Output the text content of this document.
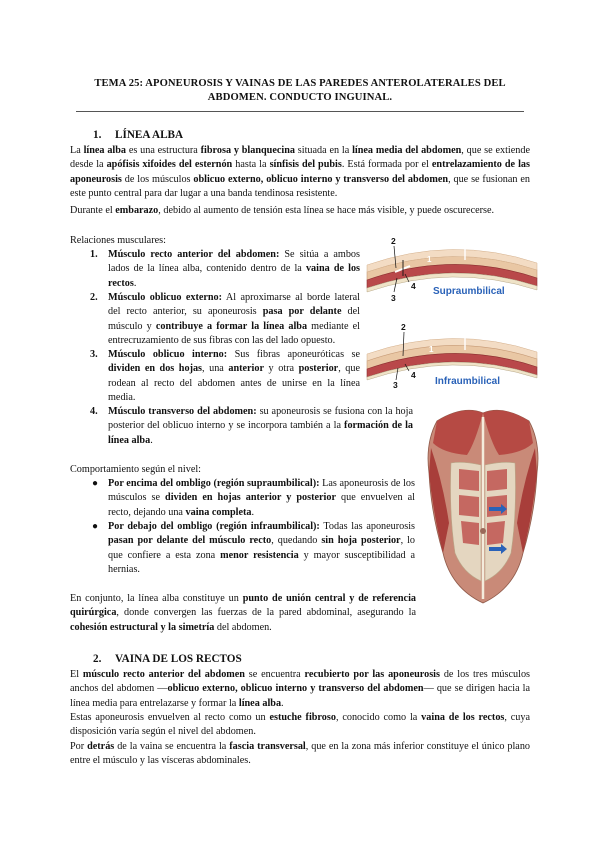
TEMA 25: APONEUROSIS Y VAINAS DE LAS PAREDES ANTEROLATERALES DEL
ABDOMEN. CONDUCTO INGUINAL.
1. LÍNEA ALBA
La línea alba es una estructura fibrosa y blanquecina situada en la línea media del abdomen, que se extiende desde la apófisis xifoides del esternón hasta la sínfisis del pubis. Está formada por el entrelazamiento de las aponeurosis de los músculos oblicuo externo, oblicuo interno y transverso del abdomen, que se fusionan en este punto central para dar lugar a una banda tendinosa resistente.
Durante el embarazo, debido al aumento de tensión esta línea se hace más visible, y puede oscurecerse.
Relaciones musculares:
1. Músculo recto anterior del abdomen: Se sitúa a ambos lados de la línea alba, contenido dentro de la vaina de los rectos.
2. Músculo oblicuo externo: Al aproximarse al borde lateral del recto anterior, su aponeurosis pasa por delante del músculo y contribuye a formar la línea alba mediante el entrecruzamiento de sus fibras con las del lado opuesto.
3. Músculo oblicuo interno: Sus fibras aponeuróticas se dividen en dos hojas, una anterior y otra posterior, que rodean al recto del abdomen antes de unirse en la línea media.
4. Músculo transverso del abdomen: su aponeurosis se fusiona con la hoja posterior del oblicuo interno y se incorpora también a la formación de la línea alba.
Comportamiento según el nivel:
● Por encima del ombligo (región supraumbilical): Las aponeurosis de los músculos se dividen en hojas anterior y posterior que envuelven al recto, dejando una vaina completa.
● Por debajo del ombligo (región infraumbilical): Todas las aponeurosis pasan por delante del músculo recto, quedando sin hoja posterior, lo que confiere a esta zona menor resistencia y mayor susceptibilidad a hernias.
En conjunto, la línea alba constituye un punto de unión central y de referencia quirúrgica, donde convergen las fuerzas de la pared abdominal, asegurando la cohesión estructural y la simetría del abdomen.
2. VAINA DE LOS RECTOS
El músculo recto anterior del abdomen se encuentra recubierto por las aponeurosis de los tres músculos anchos del abdomen —oblicuo externo, oblicuo interno y transverso del abdomen— que se dirigen hacia la línea media para entrelazarse y formar la línea alba.
Estas aponeurosis envuelven al recto como un estuche fibroso, conocido como la vaina de los rectos, cuya disposición varía según el nivel del abdomen.
Por detrás de la vaina se encuentra la fascia transversal, que en la zona más inferior constituye el único plano entre el músculo y las vísceras abdominales.
2
1
4
3
Supraumbilical
2
1
4
3	Infraumbilical
